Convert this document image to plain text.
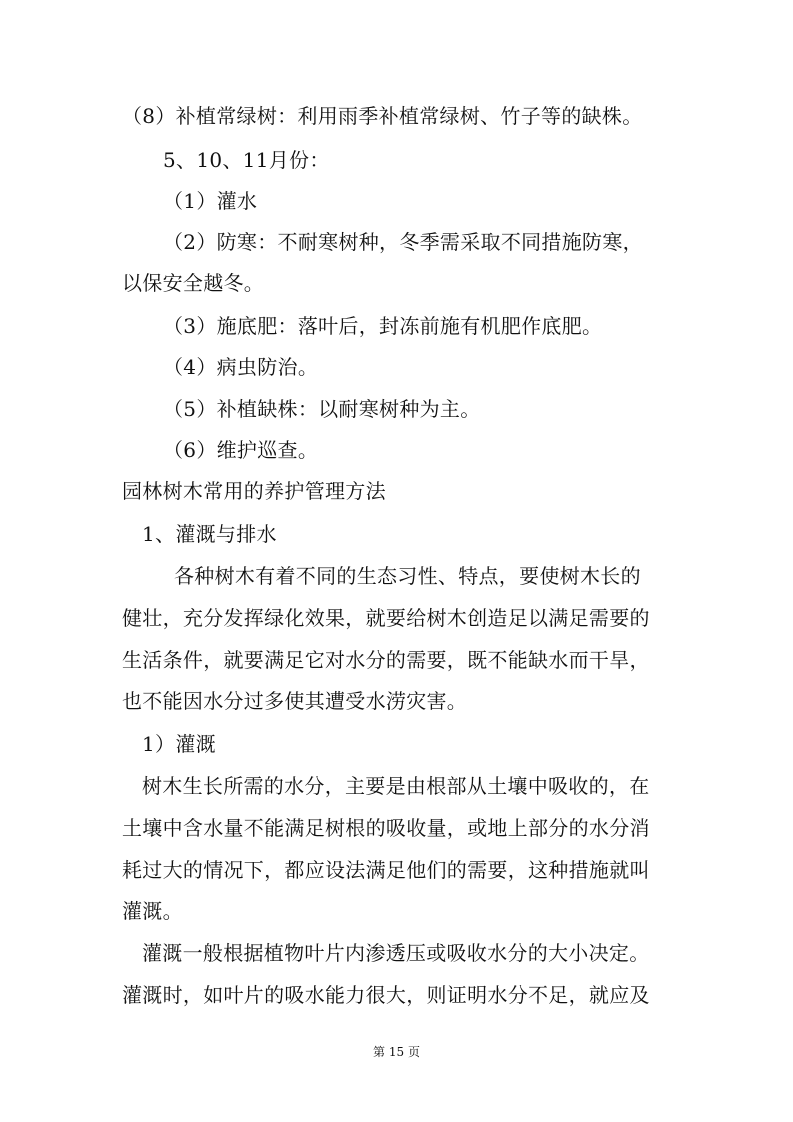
（8）补植常绿树：利用雨季补植常绿树、竹子等的缺株。
5、10、11月份：
（1）灌水
（2）防寒：不耐寒树种，冬季需采取不同措施防寒，
以保安全越冬。
（3）施底肥：落叶后，封冻前施有机肥作底肥。
（4）病虫防治。
（5）补植缺株：以耐寒树种为主。
（6）维护巡查。
园林树木常用的养护管理方法
1、灌溉与排水
各种树木有着不同的生态习性、特点，要使树木长的
健壮，充分发挥绿化效果，就要给树木创造足以满足需要的
生活条件，就要满足它对水分的需要，既不能缺水而干旱，
也不能因水分过多使其遭受水涝灾害。
1）灌溉
树木生长所需的水分，主要是由根部从土壤中吸收的，在
土壤中含水量不能满足树根的吸收量，或地上部分的水分消
耗过大的情况下，都应设法满足他们的需要，这种措施就叫
灌溉。
灌溉一般根据植物叶片内渗透压或吸收水分的大小决定。
灌溉时，如叶片的吸水能力很大，则证明水分不足，就应及
第 15 页
